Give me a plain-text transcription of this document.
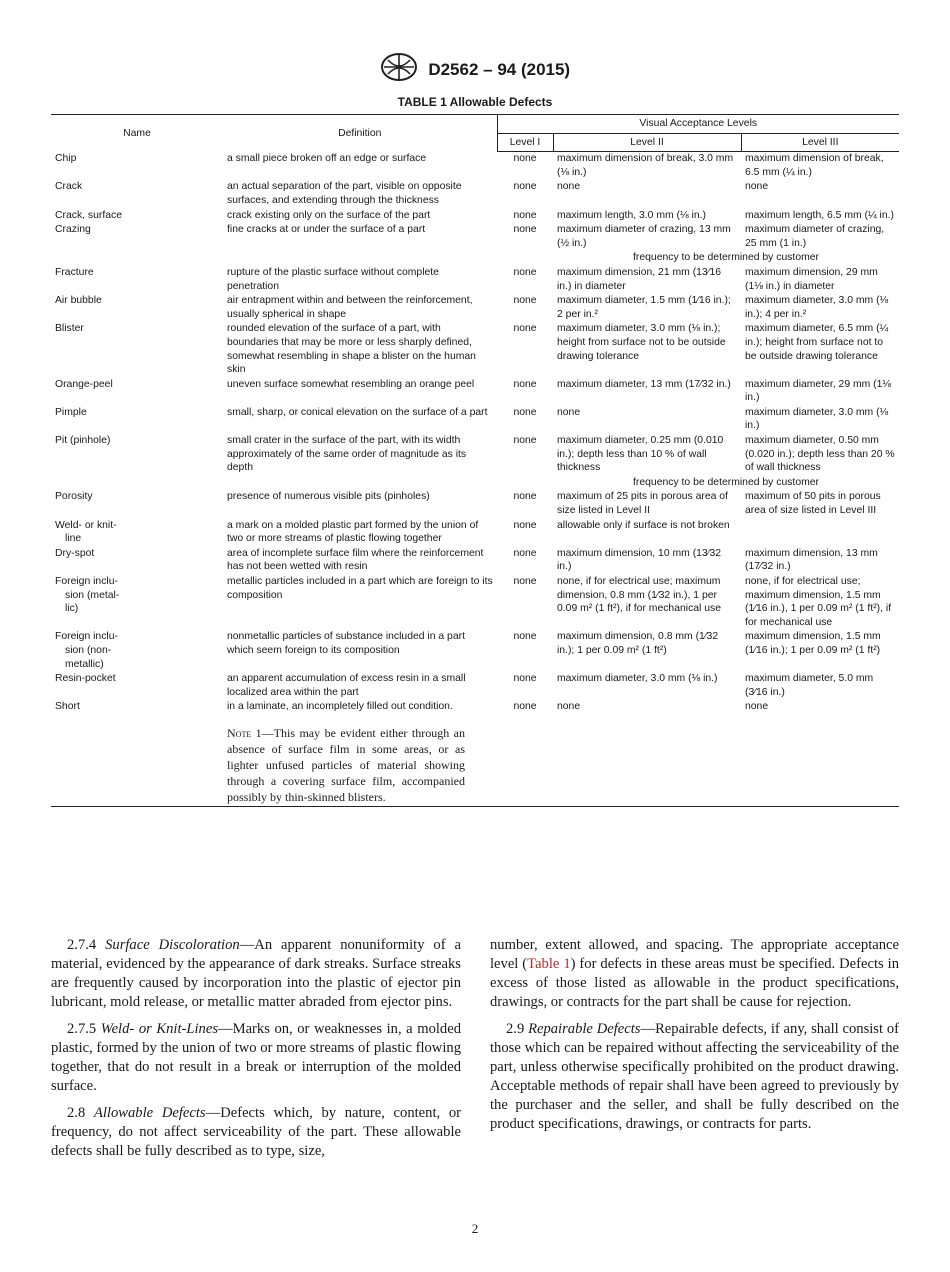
D2562 – 94 (2015)
TABLE 1 Allowable Defects
Name	Definition	Visual Acceptance Levels		
		Level I	Level II	Level III
Chip	a small piece broken off an edge or surface	none	maximum dimension of break, 3.0 mm (⅛ in.)	maximum dimension of break, 6.5 mm (¼ in.)
Crack	an actual separation of the part, visible on opposite surfaces, and extending through the thickness	none	none	none
Crack, surface	crack existing only on the surface of the part	none	maximum length, 3.0 mm (⅛ in.)	maximum length, 6.5 mm (¼ in.)
Crazing	fine cracks at or under the surface of a part	none	maximum diameter of crazing, 13 mm (½ in.)	maximum diameter of crazing, 25 mm (1 in.)
			frequency to be determined by customer	
Fracture	rupture of the plastic surface without complete penetration	none	maximum dimension, 21 mm (13⁄16 in.) in diameter	maximum dimension, 29 mm (1⅛ in.) in diameter
Air bubble	air entrapment within and between the reinforcement, usually spherical in shape	none	maximum diameter, 1.5 mm (1⁄16 in.); 2 per in.²	maximum diameter, 3.0 mm (⅛ in.); 4 per in.²
Blister	rounded elevation of the surface of a part, with boundaries that may be more or less sharply defined, somewhat resembling in shape a blister on the human skin	none	maximum diameter, 3.0 mm (⅛ in.); height from surface not to be outside drawing tolerance	maximum diameter, 6.5 mm (¼ in.); height from surface not to be outside drawing tolerance
Orange-peel	uneven surface somewhat resembling an orange peel	none	maximum diameter, 13 mm (17⁄32 in.)	maximum diameter, 29 mm (1⅛ in.)
Pimple	small, sharp, or conical elevation on the surface of a part	none	none	maximum diameter, 3.0 mm (⅛ in.)
Pit (pinhole)	small crater in the surface of the part, with its width approximately of the same order of magnitude as its depth	none	maximum diameter, 0.25 mm (0.010 in.); depth less than 10 % of wall thickness	maximum diameter, 0.50 mm (0.020 in.); depth less than 20 % of wall thickness
			frequency to be determined by customer	
Porosity	presence of numerous visible pits (pinholes)	none	maximum of 25 pits in porous area of size listed in Level II	maximum of 50 pits in porous area of size listed in Level III
Weld- or knit-
line	a mark on a molded plastic part formed by the union of two or more streams of plastic flowing together	none	allowable only if surface is not broken	
Dry-spot	area of incomplete surface film where the reinforcement has not been wetted with resin	none	maximum dimension, 10 mm (13⁄32 in.)	maximum dimension, 13 mm (17⁄32 in.)
Foreign inclu-
sion (metal-
lic)	metallic particles included in a part which are foreign to its composition	none	none, if for electrical use; maximum dimension, 0.8 mm (1⁄32 in.), 1 per 0.09 m² (1 ft²), if for mechanical use	none, if for electrical use; maximum dimension, 1.5 mm (1⁄16 in.), 1 per 0.09 m² (1 ft²), if for mechanical use
Foreign inclu-
sion (non-
metallic)	nonmetallic particles of substance included in a part which seem foreign to its composition	none	maximum dimension, 0.8 mm (1⁄32 in.); 1 per 0.09 m² (1 ft²)	maximum dimension, 1.5 mm (1⁄16 in.); 1 per 0.09 m² (1 ft²)
Resin-pocket	an apparent accumulation of excess resin in a small localized area within the part	none	maximum diameter, 3.0 mm (⅛ in.)	maximum diameter, 5.0 mm (3⁄16 in.)
Short	in a laminate, an incompletely filled out condition.	none	none	none

	Note 1—This may be evident either through an absence of surface film in some areas, or as lighter unfused particles of material showing through a covering surface film, accompanied possibly by thin-skinned blisters.			

2.7.4 Surface Discoloration—An apparent nonuniformity of a material, evidenced by the appearance of dark streaks. Surface streaks are frequently caused by incorporation into the plastic of ejector pin lubricant, mold release, or metallic matter abraded from ejector pins.

2.7.5 Weld- or Knit-Lines—Marks on, or weaknesses in, a molded plastic, formed by the union of two or more streams of plastic flowing together, that do not result in a break or interruption of the molded surface.

2.8 Allowable Defects—Defects which, by nature, content, or frequency, do not affect serviceability of the part. These allowable defects shall be fully described as to type, size,

number, extent allowed, and spacing. The appropriate acceptance level (Table 1) for defects in these areas must be specified. Defects in excess of those listed as allowable in the product specifications, drawings, or contracts for the part shall be cause for rejection.

2.9 Repairable Defects—Repairable defects, if any, shall consist of those which can be repaired without affecting the serviceability of the part, unless otherwise specifically prohibited on the product drawing. Acceptable methods of repair shall have been agreed to previously by the purchaser and the seller, and shall be fully described on the product specifications, drawings, or contracts for parts.

2
